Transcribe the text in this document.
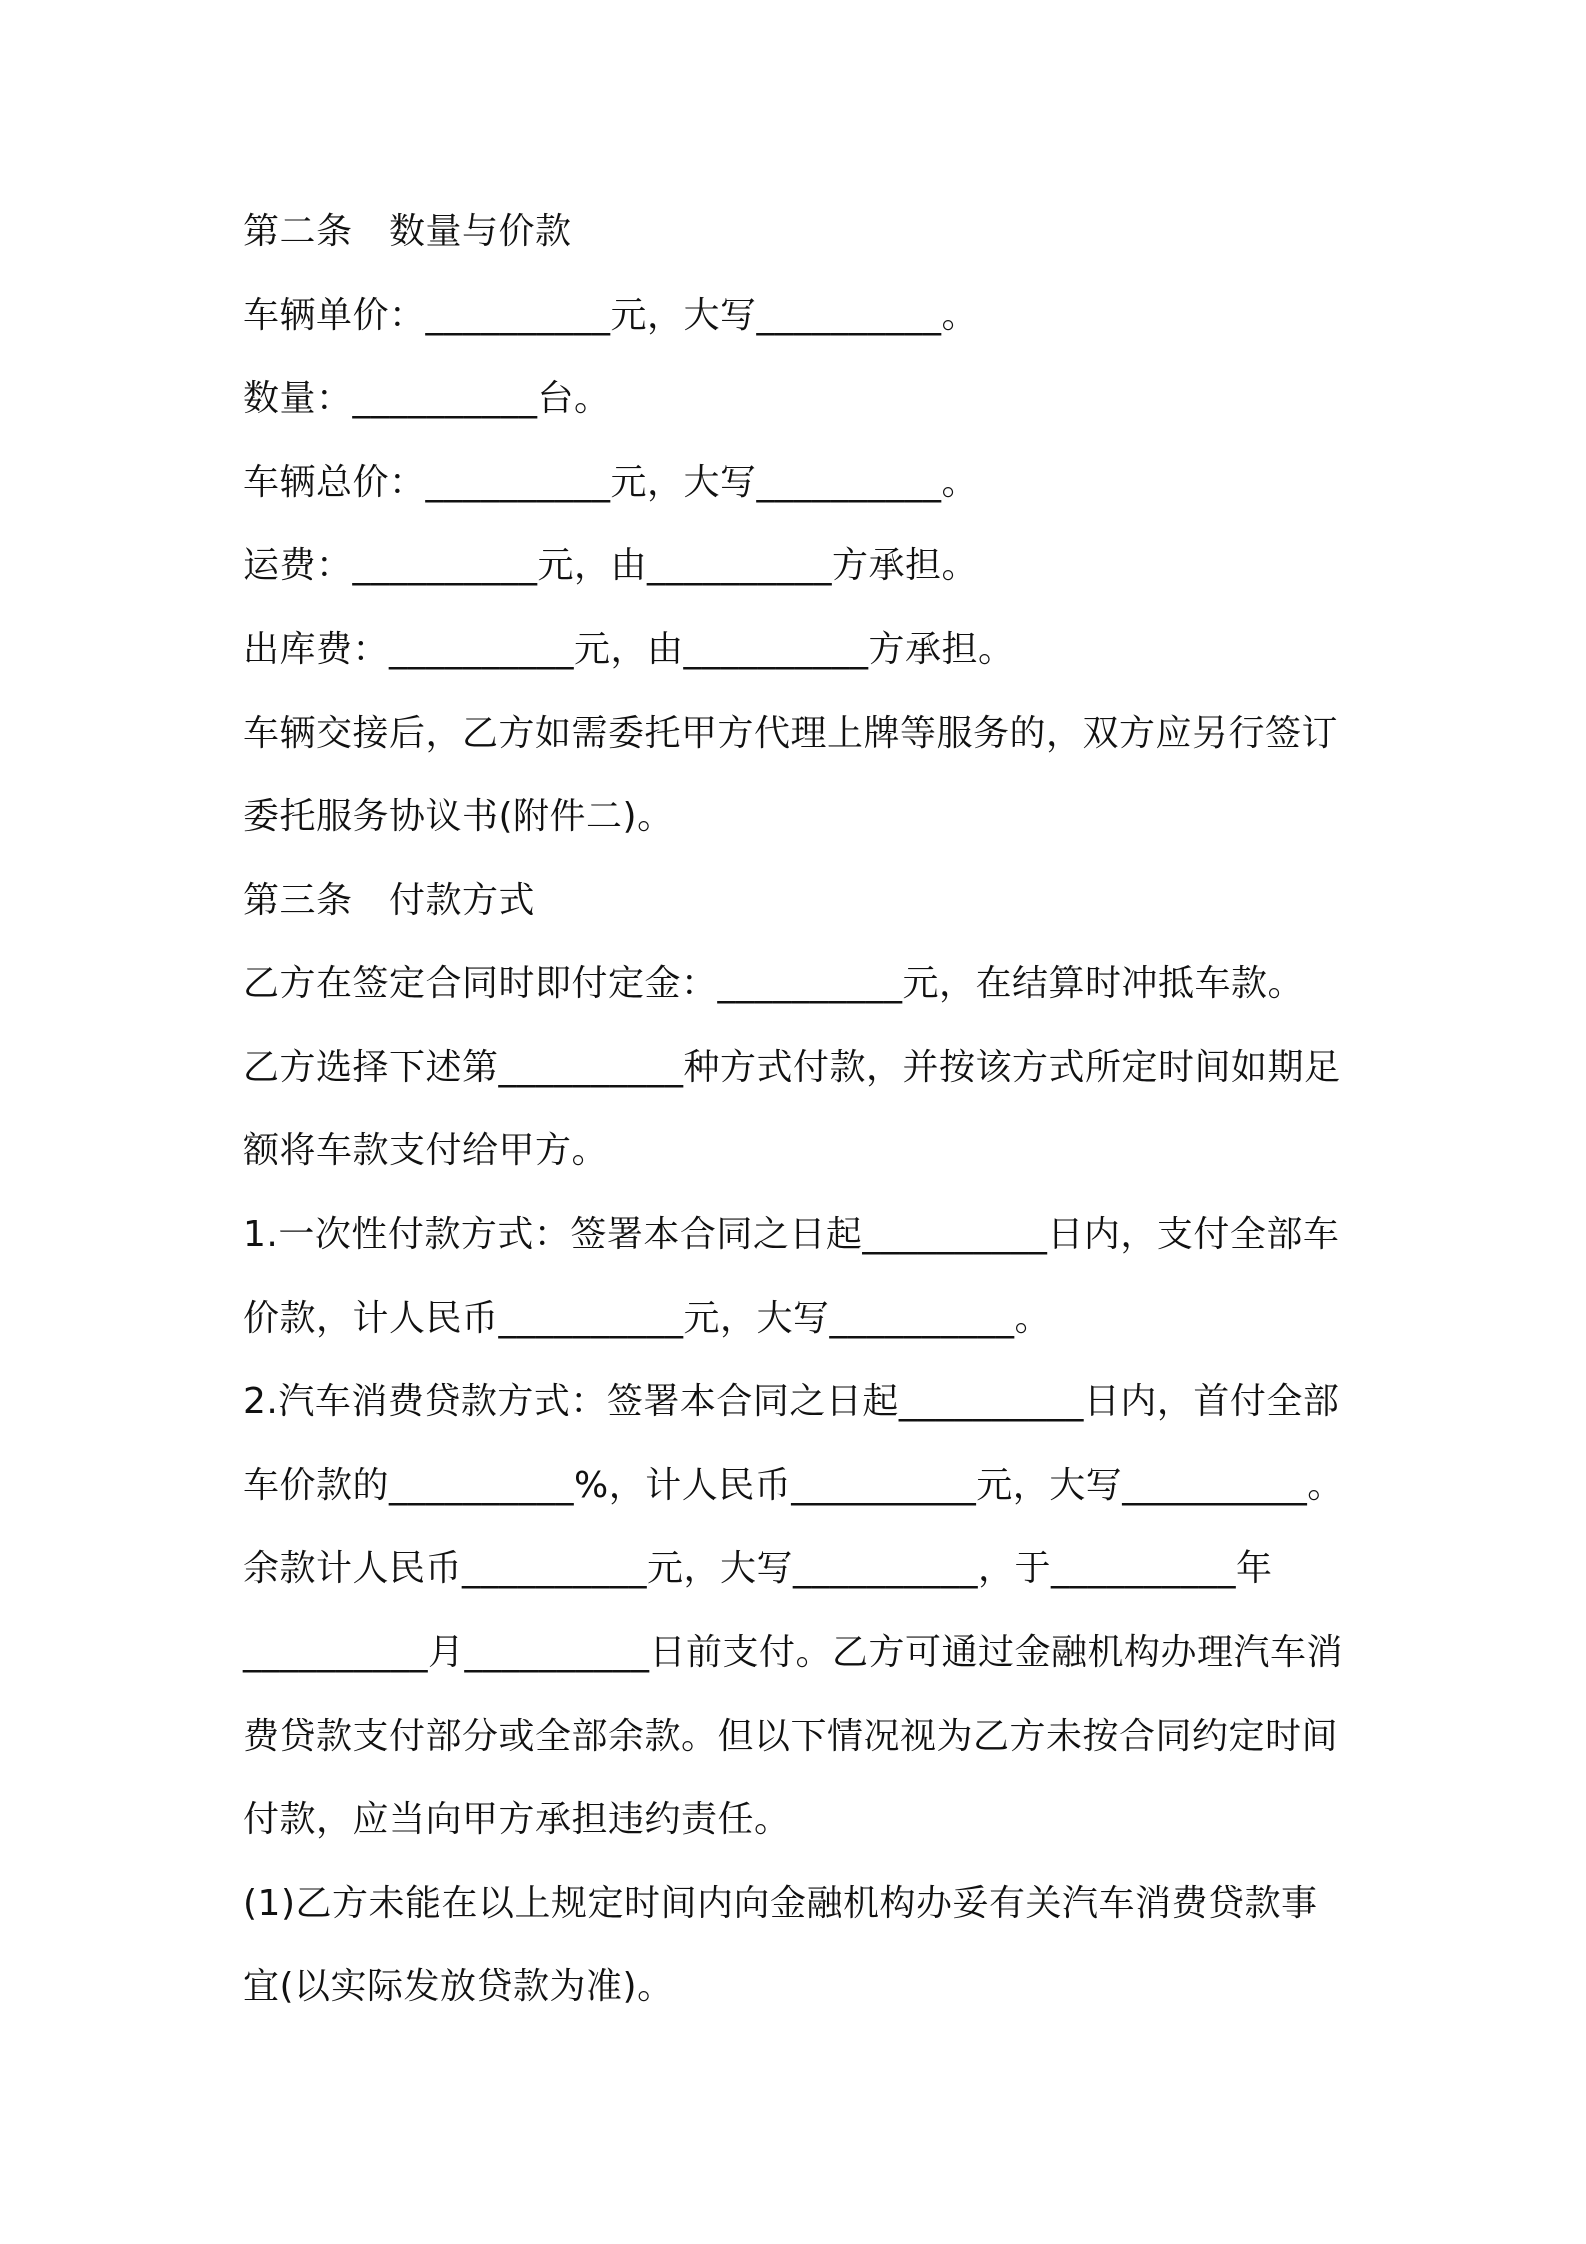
第二条　数量与价款
车辆单价：__________元，大写__________。
数量：__________台。
车辆总价：__________元，大写__________。
运费：__________元，由__________方承担。
出库费：__________元，由__________方承担。
车辆交接后，乙方如需委托甲方代理上牌等服务的，双方应另行签订
委托服务协议书(附件二)。
第三条　付款方式
乙方在签定合同时即付定金：__________元，在结算时冲抵车款。
乙方选择下述第__________种方式付款，并按该方式所定时间如期足
额将车款支付给甲方。
1.一次性付款方式：签署本合同之日起__________日内，支付全部车
价款，计人民币__________元，大写__________。
2.汽车消费贷款方式：签署本合同之日起__________日内，首付全部
车价款的__________%，计人民币__________元，大写__________。
余款计人民币__________元，大写__________，于__________年
__________月__________日前支付。乙方可通过金融机构办理汽车消
费贷款支付部分或全部余款。但以下情况视为乙方未按合同约定时间
付款，应当向甲方承担违约责任。
(1)乙方未能在以上规定时间内向金融机构办妥有关汽车消费贷款事
宜(以实际发放贷款为准)。
